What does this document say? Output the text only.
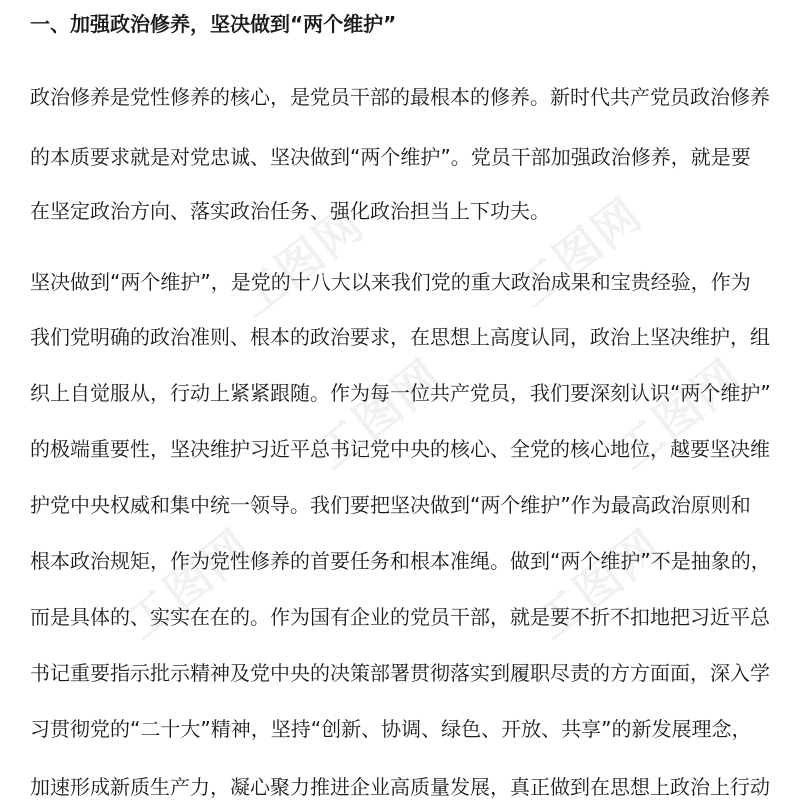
工图网	工图网
工图网	工图网
工图网	工图网
一、加强政治修养，坚决做到“两个维护”
政治修养是党性修养的核心，是党员干部的最根本的修养。新时代共产党员政治修养
的本质要求就是对党忠诚、坚决做到“两个维护”。党员干部加强政治修养，就是要
在坚定政治方向、落实政治任务、强化政治担当上下功夫。
坚决做到“两个维护”，是党的十八大以来我们党的重大政治成果和宝贵经验，作为
我们党明确的政治准则、根本的政治要求，在思想上高度认同，政治上坚决维护，组
织上自觉服从，行动上紧紧跟随。作为每一位共产党员，我们要深刻认识“两个维护”
的极端重要性，坚决维护习近平总书记党中央的核心、全党的核心地位，越要坚决维
护党中央权威和集中统一领导。我们要把坚决做到“两个维护”作为最高政治原则和
根本政治规矩，作为党性修养的首要任务和根本准绳。做到“两个维护”不是抽象的，
而是具体的、实实在在的。作为国有企业的党员干部，就是要不折不扣地把习近平总
书记重要指示批示精神及党中央的决策部署贯彻落实到履职尽责的方方面面，深入学
习贯彻党的“二十大”精神，坚持“创新、协调、绿色、开放、共享”的新发展理念，
加速形成新质生产力，凝心聚力推进企业高质量发展，真正做到在思想上政治上行动
